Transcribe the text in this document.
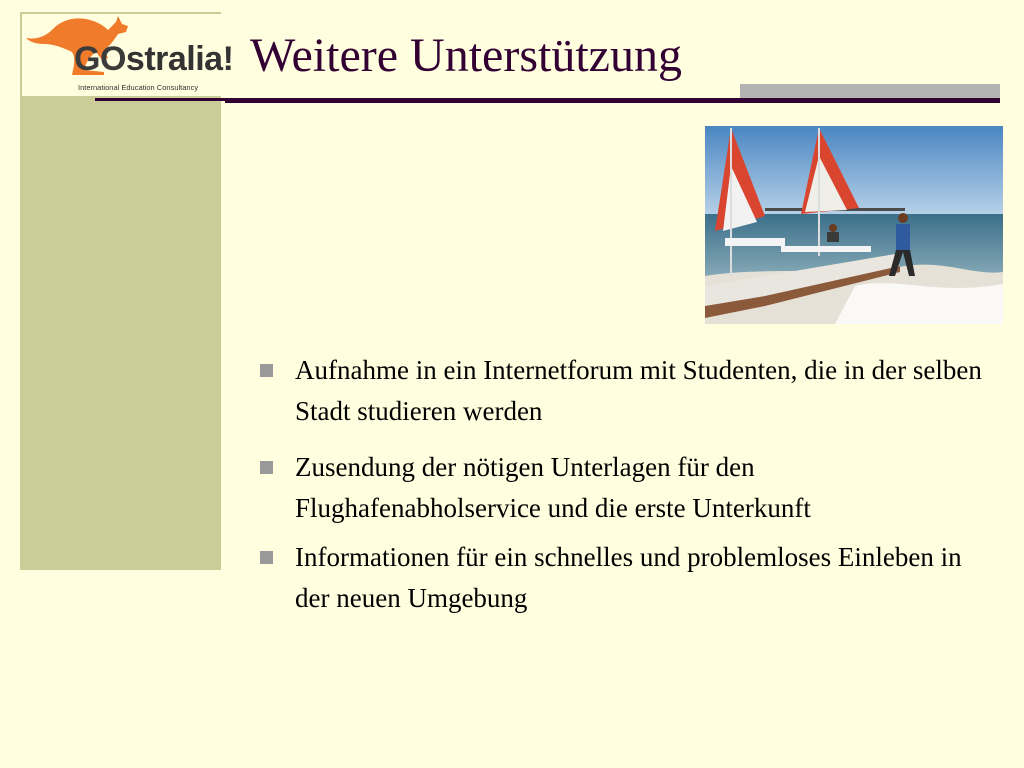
GOstralia!
International Education Consultancy
Weitere Unterstützung
Aufnahme in ein Internetforum mit Studenten, die in der selben Stadt studieren werden
Zusendung der nötigen Unterlagen für den Flughafenabholservice und die erste Unterkunft
Informationen für ein schnelles und problemloses Einleben in der neuen Umgebung
